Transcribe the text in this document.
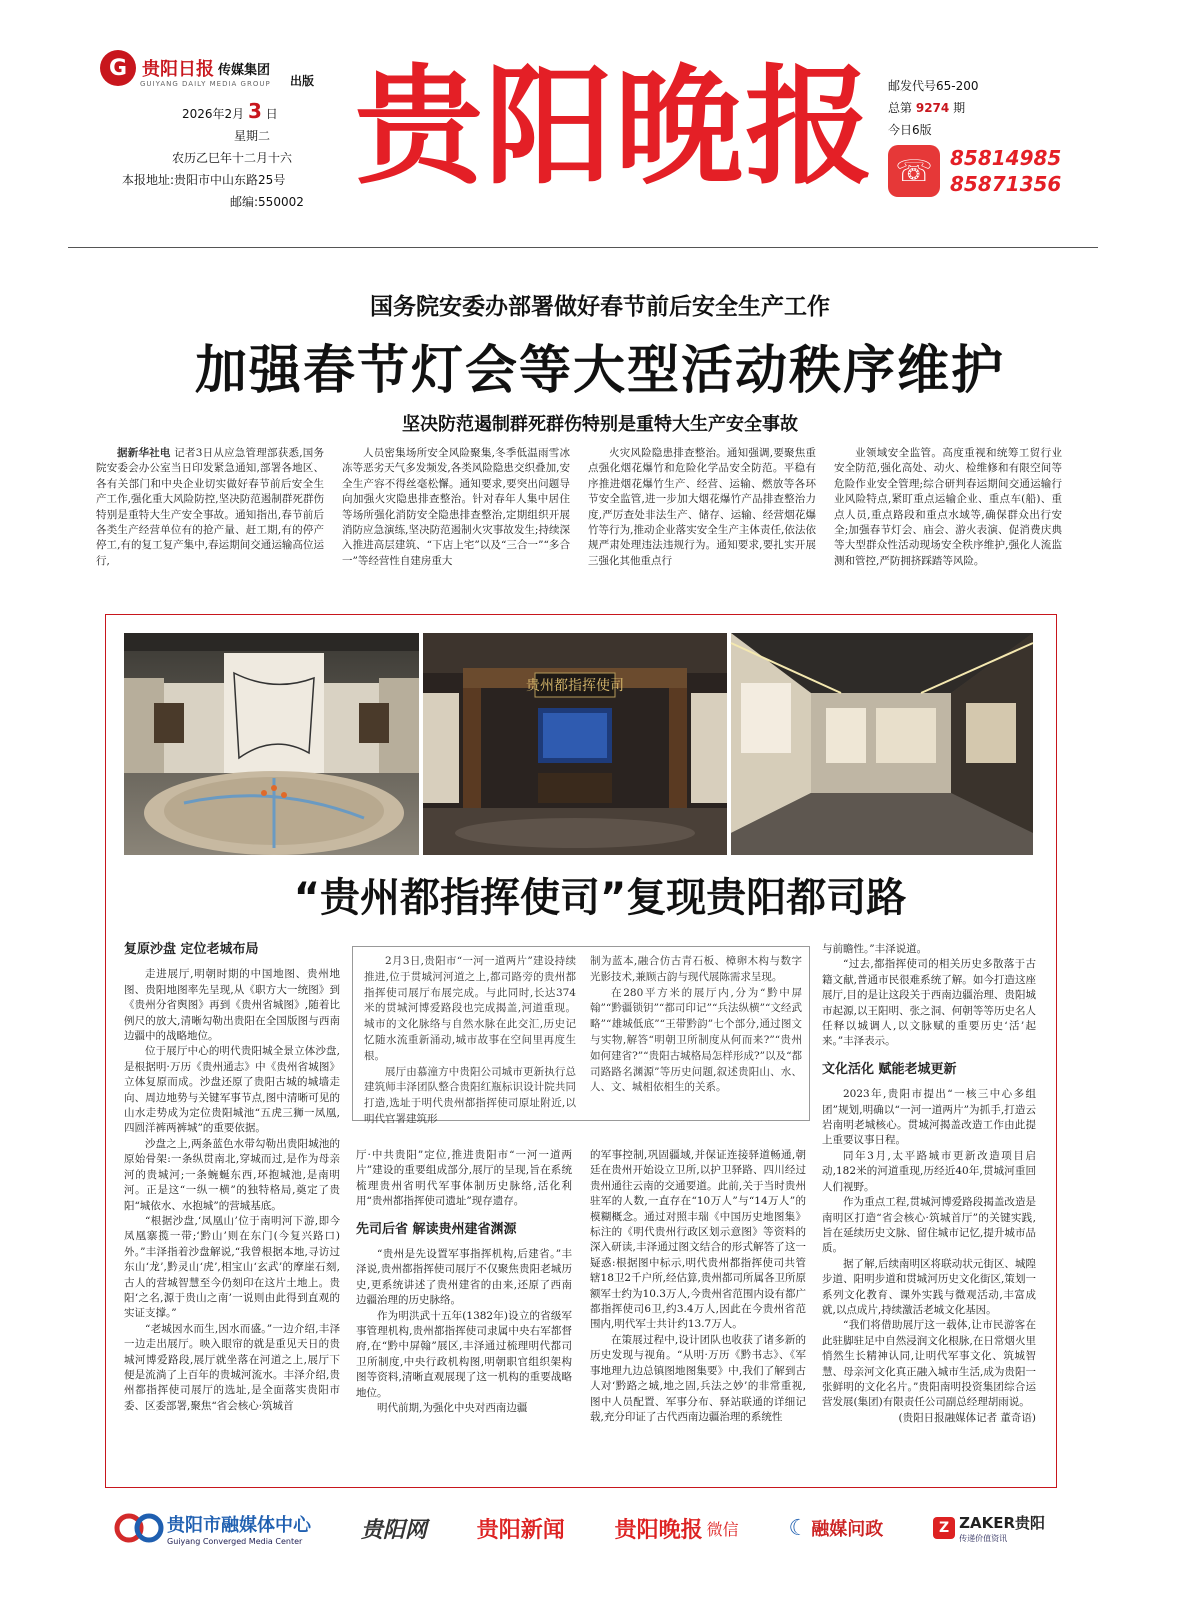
G 贵阳日报 传媒集团
GUIYANG DAILY MEDIA GROUP 出版
2026年2月 3 日
星期二
农历乙巳年十二月十六
本报地址:贵阳市中山东路25号
邮编:550002 贵阳晚报 邮发代号65-200
总第 9274 期
今日6版
☏ 85814985
85871356
国务院安委办部署做好春节前后安全生产工作
加强春节灯会等大型活动秩序维护
坚决防范遏制群死群伤特别是重特大生产安全事故

据新华社电 记者3日从应急管理部获悉,国务院安委会办公室当日印发紧急通知,部署各地区、各有关部门和中央企业切实做好春节前后安全生产工作,强化重大风险防控,坚决防范遏制群死群伤特别是重特大生产安全事故。通知指出,春节前后各类生产经营单位有的抢产量、赶工期,有的停产停工,有的复工复产集中,春运期间交通运输高位运行,

人员密集场所安全风险聚集,冬季低温雨雪冰冻等恶劣天气多发频发,各类风险隐患交织叠加,安全生产容不得丝毫松懈。通知要求,要突出问题导向加强火灾隐患排查整治。针对春年人集中居住等场所强化消防安全隐患排查整治,定期组织开展消防应急演练,坚决防范遏制火灾事故发生;持续深入推进高层建筑、“下店上宅”以及“三合一”“多合一”等经营性自建房重大

火灾风险隐患排查整治。通知强调,要聚焦重点强化烟花爆竹和危险化学品安全防范。平稳有序推进烟花爆竹生产、经营、运输、燃放等各环节安全监管,进一步加大烟花爆竹产品排查整治力度,严厉查处非法生产、储存、运输、经营烟花爆竹等行为,推动企业落实安全生产主体责任,依法依规严肃处理违法违规行为。通知要求,要扎实开展三强化其他重点行

业领域安全监管。高度重视和统筹工贸行业安全防范,强化高处、动火、检维修和有限空间等危险作业安全管理;综合研判春运期间交通运输行业风险特点,紧盯重点运输企业、重点车(船)、重点人员,重点路段和重点水域等,确保群众出行安全;加强春节灯会、庙会、游火表演、促消费庆典等大型群众性活动现场安全秩序维护,强化人流监测和管控,严防拥挤踩踏等风险。

贵州都指挥使司
“贵州都指挥使司”复现贵阳都司路
复原沙盘 定位老城布局

走进展厅,明朝时期的中国地图、贵州地图、贵阳地图率先呈现,从《职方大一统图》到《贵州分省舆图》再到《贵州省城图》,随着比例尺的放大,清晰勾勒出贵阳在全国版图与西南边疆中的战略地位。

位于展厅中心的明代贵阳城全景立体沙盘,是根据明·万历《贵州通志》中《贵州省城图》立体复原而成。沙盘还原了贵阳古城的城墙走向、周边地势与关键军事节点,图中清晰可见的山水走势成为定位贵阳城池“五虎三狮一凤凰,四圆洋裤两裤城”的重要依据。

沙盘之上,两条蓝色水带勾勒出贵阳城池的原始骨架:一条纵贯南北,穿城而过,是作为母亲河的贵城河;一条蜿蜒东西,环抱城池,是南明河。正是这“一纵一横”的独特格局,奠定了贵阳“城依水、水抱城”的营城基底。

“根据沙盘,‘凤凰山’位于南明河下游,即今凤凰寨揽一带;‘黔山’则在东门(今复兴路口)外。”丰泽指着沙盘解说,“我曾根据本地,寻访过东山‘龙’,黔灵山‘虎’,相宝山‘玄武’的摩崖石刻,古人的营城智慧至今仍刻印在这片土地上。贵阳‘之名,源于贵山之南’一说则由此得到直观的实证支撑。”

“老城因水而生,因水而盛。”一边介绍,丰泽一边走出展厅。映入眼帘的就是重见天日的贵城河博爱路段,展厅就坐落在河道之上,展厅下便是流淌了上百年的贵城河流水。丰泽介绍,贵州都指挥使司展厅的选址,是全面落实贵阳市委、区委部署,聚焦“省会核心·筑城首

2月3日,贵阳市“一河一道两片”建设持续推进,位于贯城河河道之上,都司路旁的贵州都指挥使司展厅布展完成。与此同时,长达374米的贯城河博爱路段也完成揭盖,河道重现。城市的文化脉络与自然水脉在此交汇,历史记忆随水流重新涌动,城市故事在空间里再度生根。

展厅由慕潼方中贵阳公司城市更新执行总建筑师丰泽团队整合贵阳红瓶标识设计院共同打造,选址于明代贵州都指挥使司原址附近,以明代官署建筑形

制为蓝本,融合仿古青石板、樟卵木构与数字光影技术,兼顾古韵与现代展陈需求呈现。

在280平方米的展厅内,分为“黔中屏翰”“黔疆锁钥”“都司印记”“兵法纵横”“文经武略”“雄城低底”“王带黔韵”七个部分,通过图文与实物,解答“明朝卫所制度从何而来?”“贵州如何建省?”“贵阳古城格局怎样形成?”以及“都司路路名渊源”等历史问题,叙述贵阳山、水、人、文、城相依相生的关系。

厅·中共贵阳”定位,推进贵阳市“一河一道两片”建设的重要组成部分,展厅的呈现,旨在系统梳理贵州省明代军事体制历史脉络,活化利用“贵州都指挥使司遗址”现存遗存。

先司后省 解读贵州建省渊源

“贵州是先设置军事指挥机构,后建省。”丰泽说,贵州都指挥使司展厅不仅聚焦贵阳老城历史,更系统讲述了贵州建省的由来,还原了西南边疆治理的历史脉络。

作为明洪武十五年(1382年)设立的省级军事管理机构,贵州都指挥使司隶属中央右军都督府,在“黔中屏翰”展区,丰泽通过梳理明代都司卫所制度,中央行政机构图,明朝职官组织架构图等资料,清晰直观展现了这一机构的重要战略地位。

明代前期,为强化中央对西南边疆

的军事控制,巩固疆域,并保证连接驿道畅通,朝廷在贵州开始设立卫所,以护卫驿路、四川经过贵州通往云南的交通要道。此前,关于当时贵州驻军的人数,一直存在“10万人”与“14万人”的模糊概念。通过对照丰瑞《中国历史地图集》标注的《明代贵州行政区划示意图》等资料的深入研读,丰泽通过图文结合的形式解答了这一疑惑:根据图中标示,明代贵州都指挥使司共管辖18卫2千户所,经估算,贵州都司所属各卫所原额军士约为10.3万人,今贵州省范围内设有都广都指挥使司6卫,约3.4万人,因此在今贵州省范围内,明代军士共计约13.7万人。

在策展过程中,设计团队也收获了诸多新的历史发现与视角。“从明·万历《黔书志》、《军事地理九边总镇图地图集要》中,我们了解到古人对‘黔路之城,地之固,兵法之妙’的非常重视,图中人员配置、军事分布、驿站联通的详细记载,充分印证了古代西南边疆治理的系统性

与前瞻性。”丰泽说道。

“过去,都指挥使司的相关历史多散落于古籍文献,普通市民很难系统了解。如今打造这座展厅,目的是让这段关于西南边疆治理、贵阳城市起源,以王阳明、张之洞、何朝等等历史名人任释以城调人,以文脉赋的重要历史‘活’起来。”丰泽表示。

文化活化 赋能老城更新

2023年,贵阳市提出“一核三中心多组团”规划,明确以“一河一道两片”为抓手,打造云岩南明老城核心。贯城河揭盖改造工作由此提上重要议事日程。

同年3月,太平路城市更新改造项目启动,182米的河道重现,历经近40年,贯城河重回人们视野。

作为重点工程,贯城河博爱路段揭盖改造是南明区打造“省会核心·筑城首厅”的关键实践,旨在延续历史文脉、留住城市记忆,提升城市品质。

据了解,后续南明区将联动状元街区、城隍步道、阳明步道和贯城河历史文化街区,策划一系列文化教育、课外实践与微观活动,丰富成就,以点成片,持续激活老城文化基因。

“我们将借助展厅这一载体,让市民游客在此驻脚驻足中自然浸润文化根脉,在日常烟火里悄然生长精神认同,让明代军事文化、筑城智慧、母亲河文化真正融入城市生活,成为贵阳一张鲜明的文化名片。”贵阳南明投资集团综合运营发展(集团)有限责任公司副总经理胡雨说。

(贵阳日报融媒体记者 董奇语)

贵阳市融媒体中心
Guiyang Converged Media Center	贵阳网 贵阳新闻 贵阳晚报 微信 ☾ 融媒问政	Z ZAKER贵阳
传递价值资讯
